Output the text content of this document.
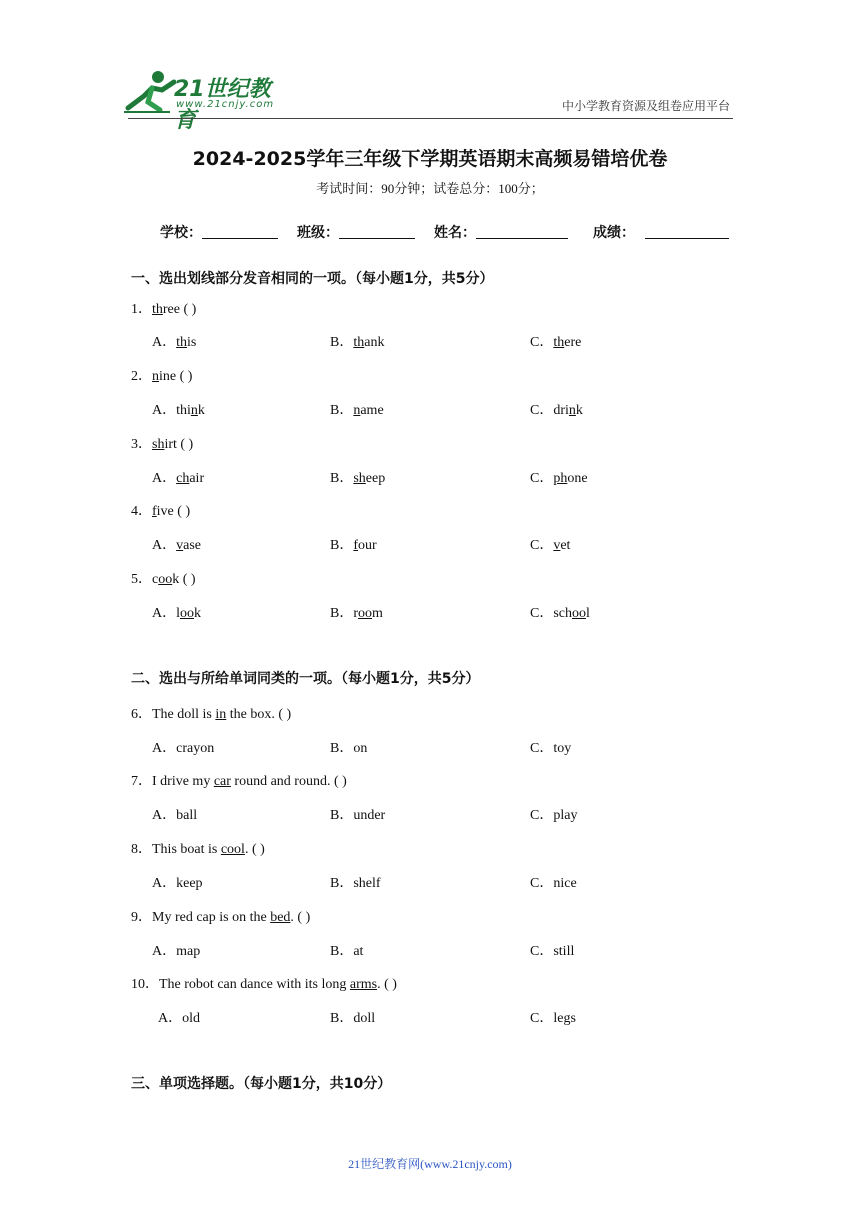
21世纪教育
www.21cnjy.com	中小学教育资源及组卷应用平台
2024-2025学年三年级下学期英语期末高频易错培优卷
考试时间：90分钟；试卷总分：100分；
学校：	班级：	姓名：	成绩：
一、选出划线部分发音相同的一项。（每小题1分，共5分）
1．three ( )
A．this	B．thank	C．there
2．nine ( )
A．think	B．name	C．drink
3．shirt ( )
A．chair	B．sheep	C．phone
4．five ( )
A．vase	B．four	C．vet
5．cook ( )
A．look	B．room	C．school
二、选出与所给单词同类的一项。（每小题1分，共5分）
6．The doll is in the box. ( )
A．crayon	B．on	C．toy
7．I drive my car round and round. ( )
A．ball	B．under	C．play
8．This boat is cool. ( )
A．keep	B．shelf	C．nice
9．My red cap is on the bed. ( )
A．map	B．at	C．still
10．The robot can dance with its long arms. ( )
A．old	B．doll	C．legs
三、单项选择题。（每小题1分，共10分）
21世纪教育网(www.21cnjy.com)
